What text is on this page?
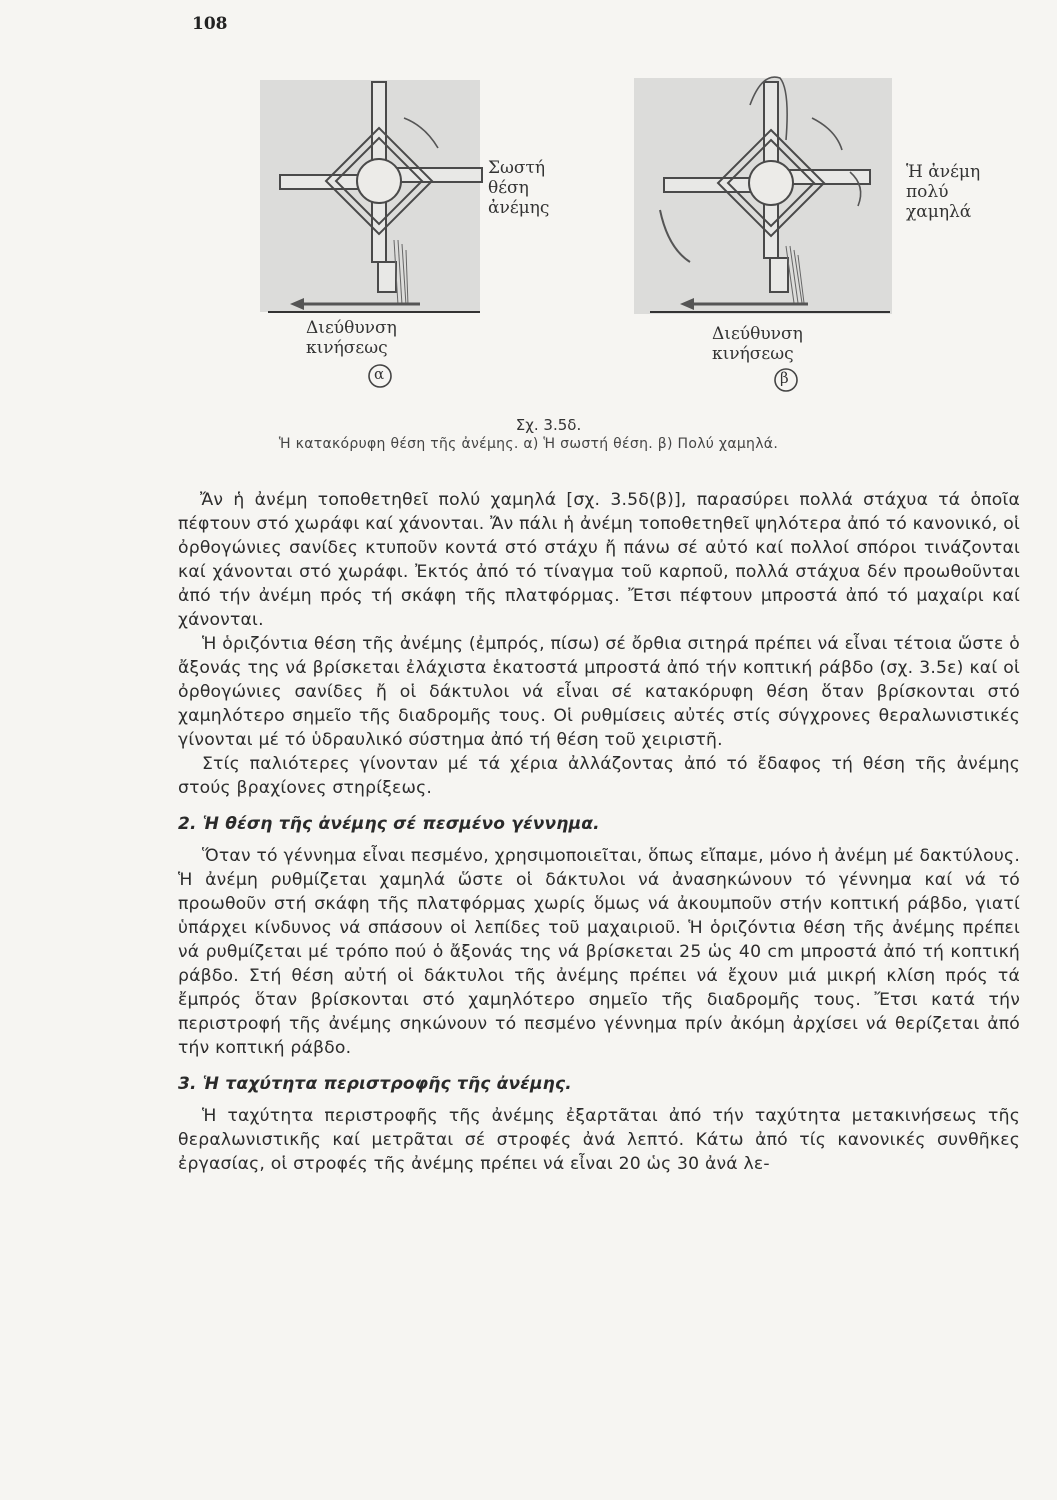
108
Σωστή
θέση
ἀνέμης
Ἡ ἀνέμη
πολύ
χαμηλά
Διεύθυνση
κινήσεως
Διεύθυνση
κινήσεως
α	β
Σχ. 3.5δ.
Ἡ κατακόρυφη θέση τῆς ἀνέμης. α) Ἡ σωστή θέση. β) Πολύ χαμηλά.

Ἄν ἡ ἀνέμη τοποθετηθεῖ πολύ χαμηλά [σχ. 3.5δ(β)], παρασύρει πολλά στάχυα τά ὁποῖα πέφτουν στό χωράφι καί χάνονται. Ἄν πάλι ἡ ἀνέμη τοποθετηθεῖ ψηλότερα ἀπό τό κανονικό, οἱ ὀρθογώνιες σανίδες κτυποῦν κοντά στό στάχυ ἤ πάνω σέ αὐτό καί πολλοί σπόροι τινάζονται καί χάνονται στό χωράφι. Ἐκτός ἀπό τό τίναγμα τοῦ καρποῦ, πολλά στάχυα δέν προωθοῦνται ἀπό τήν ἀνέμη πρός τή σκάφη τῆς πλατφόρμας. Ἔτσι πέφτουν μπροστά ἀπό τό μαχαίρι καί χάνονται.

Ἡ ὁριζόντια θέση τῆς ἀνέμης (ἐμπρός, πίσω) σέ ὄρθια σιτηρά πρέπει νά εἶναι τέτοια ὥστε ὁ ἄξονάς της νά βρίσκεται ἐλάχιστα ἑκατοστά μπροστά ἀπό τήν κοπτική ράβδο (σχ. 3.5ε) καί οἱ ὀρθογώνιες σανίδες ἤ οἱ δάκτυλοι νά εἶναι σέ κατακόρυφη θέση ὅταν βρίσκονται στό χαμηλότερο σημεῖο τῆς διαδρομῆς τους. Οἱ ρυθμίσεις αὐτές στίς σύγχρονες θεραλωνιστικές γίνονται μέ τό ὑδραυλικό σύστημα ἀπό τή θέση τοῦ χειριστῆ.

Στίς παλιότερες γίνονταν μέ τά χέρια ἀλλάζοντας ἀπό τό ἔδαφος τή θέση τῆς ἀνέμης στούς βραχίονες στηρίξεως.

2. Ἡ θέση τῆς ἀνέμης σέ πεσμένο γέννημα.

Ὅταν τό γέννημα εἶναι πεσμένο, χρησιμοποιεῖται, ὅπως εἴπαμε, μόνο ἡ ἀνέμη μέ δακτύλους. Ἡ ἀνέμη ρυθμίζεται χαμηλά ὥστε οἱ δάκτυλοι νά ἀνασηκώνουν τό γέννημα καί νά τό προωθοῦν στή σκάφη τῆς πλατφόρμας χωρίς ὅμως νά ἀκουμποῦν στήν κοπτική ράβδο, γιατί ὑπάρχει κίνδυνος νά σπάσουν οἱ λεπίδες τοῦ μαχαιριοῦ. Ἡ ὁριζόντια θέση τῆς ἀνέμης πρέπει νά ρυθμίζεται μέ τρόπο πού ὁ ἄξονάς της νά βρίσκεται 25 ὡς 40 cm μπροστά ἀπό τή κοπτική ράβδο. Στή θέση αὐτή οἱ δάκτυλοι τῆς ἀνέμης πρέπει νά ἔχουν μιά μικρή κλίση πρός τά ἔμπρός ὅταν βρίσκονται στό χαμηλότερο σημεῖο τῆς διαδρομῆς τους. Ἔτσι κατά τήν περιστροφή τῆς ἀνέμης σηκώνουν τό πεσμένο γέννημα πρίν ἀκόμη ἀρχίσει νά θερίζεται ἀπό τήν κοπτική ράβδο.

3. Ἡ ταχύτητα περιστροφῆς τῆς ἀνέμης.

Ἡ ταχύτητα περιστροφῆς τῆς ἀνέμης ἐξαρτᾶται ἀπό τήν ταχύτητα μετακινήσεως τῆς θεραλωνιστικῆς καί μετρᾶται σέ στροφές ἀνά λεπτό. Κάτω ἀπό τίς κανονικές συνθῆκες ἐργασίας, οἱ στροφές τῆς ἀνέμης πρέπει νά εἶναι 20 ὡς 30 ἀνά λε-
